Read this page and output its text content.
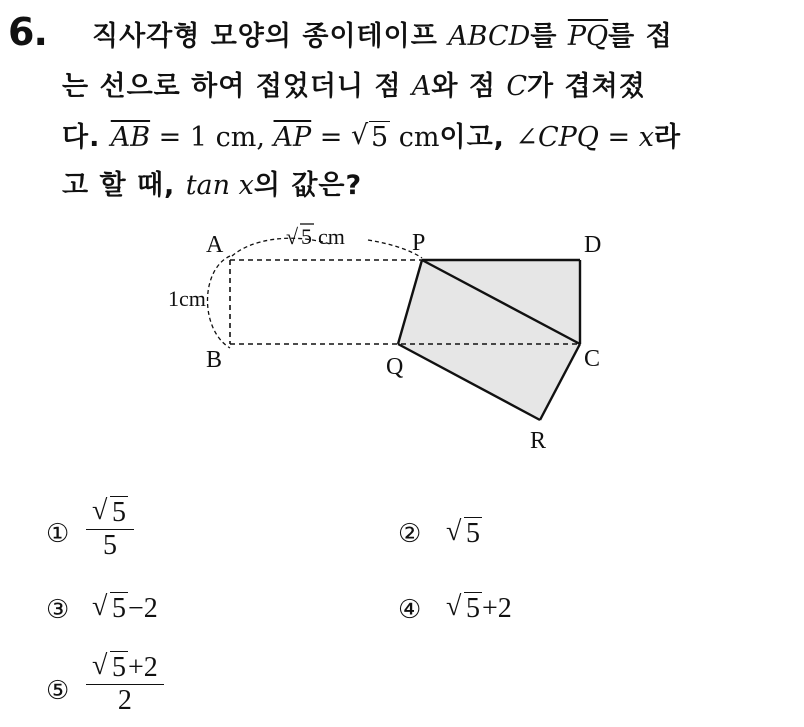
6. 직사각형 모양의 종이테이프 ABCD를 $\overline{PQ}$를 접
는 선으로 하여 접었더니 점 A와 점 C가 겹쳐졌
다. $\overline{AB} = 1$ cm, $\overline{AP}$ = √ 5 cm이고, ∠CPQ = x라
고 할 때, tan x의 값은?
A
B
P
Q	C
D
R
1cm
√ 5 cm
① √ $\frac{5}{5}$	②	√ 5
③	√ 5−2	④	√ 5+2
⑤ √ $\frac{5+2}{2}$
